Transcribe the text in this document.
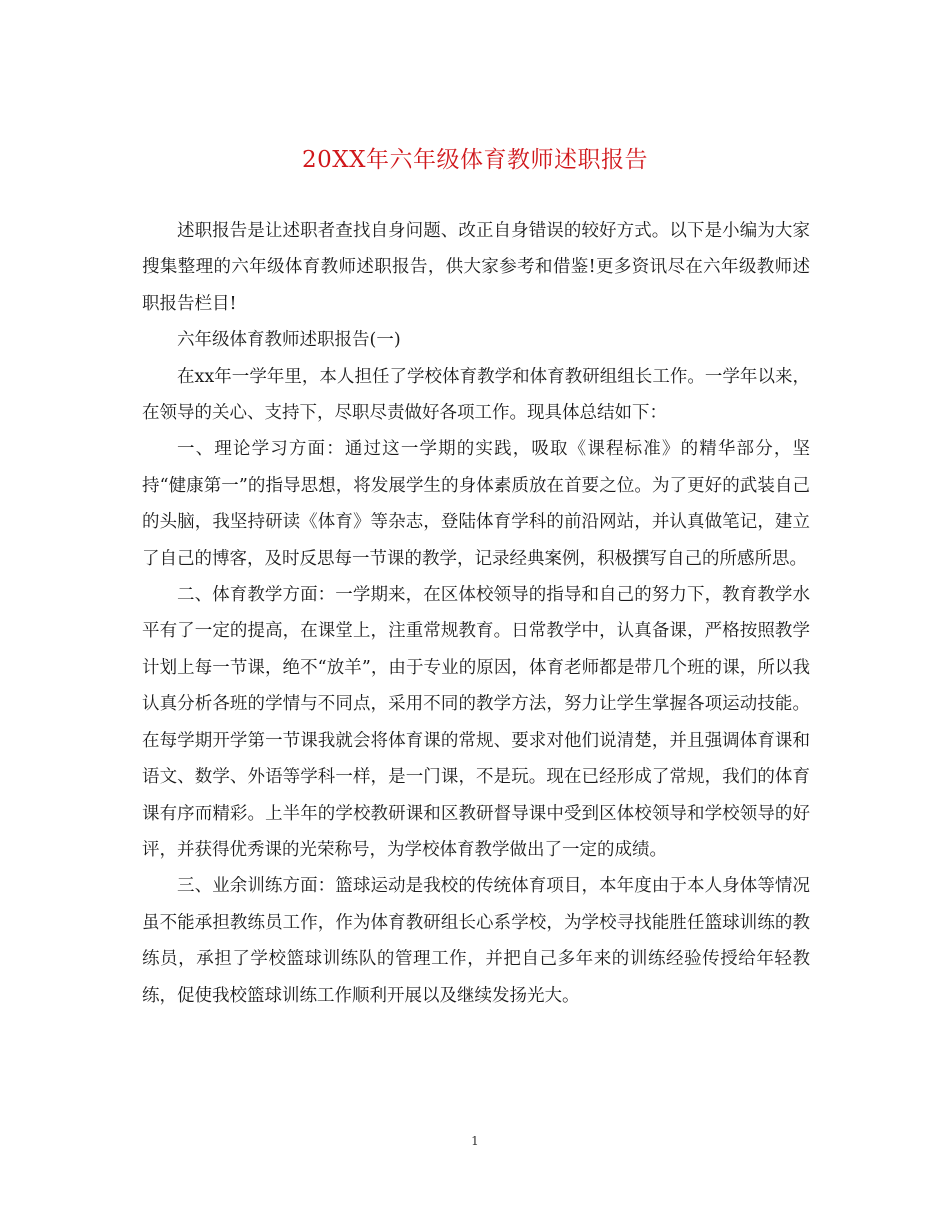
20XX年六年级体育教师述职报告

述职报告是让述职者查找自身问题、改正自身错误的较好方式。以下是小编为大家搜集整理的六年级体育教师述职报告，供大家参考和借鉴!更多资讯尽在六年级教师述职报告栏目!

六年级体育教师述职报告(一)

在xx年一学年里，本人担任了学校体育教学和体育教研组组长工作。一学年以来，在领导的关心、支持下，尽职尽责做好各项工作。现具体总结如下：

一、理论学习方面：通过这一学期的实践，吸取《课程标准》的精华部分，坚持“健康第一”的指导思想，将发展学生的身体素质放在首要之位。为了更好的武装自己的头脑，我坚持研读《体育》等杂志，登陆体育学科的前沿网站，并认真做笔记，建立了自己的博客，及时反思每一节课的教学，记录经典案例，积极撰写自己的所感所思。

二、体育教学方面：一学期来，在区体校领导的指导和自己的努力下，教育教学水平有了一定的提高，在课堂上，注重常规教育。日常教学中，认真备课，严格按照教学计划上每一节课，绝不“放羊”，由于专业的原因，体育老师都是带几个班的课，所以我认真分析各班的学情与不同点，采用不同的教学方法，努力让学生掌握各项运动技能。在每学期开学第一节课我就会将体育课的常规、要求对他们说清楚，并且强调体育课和语文、数学、外语等学科一样，是一门课，不是玩。现在已经形成了常规，我们的体育课有序而精彩。上半年的学校教研课和区教研督导课中受到区体校领导和学校领导的好评，并获得优秀课的光荣称号，为学校体育教学做出了一定的成绩。

三、业余训练方面：篮球运动是我校的传统体育项目，本年度由于本人身体等情况虽不能承担教练员工作，作为体育教研组长心系学校，为学校寻找能胜任篮球训练的教练员，承担了学校篮球训练队的管理工作，并把自己多年来的训练经验传授给年轻教练，促使我校篮球训练工作顺利开展以及继续发扬光大。

1
